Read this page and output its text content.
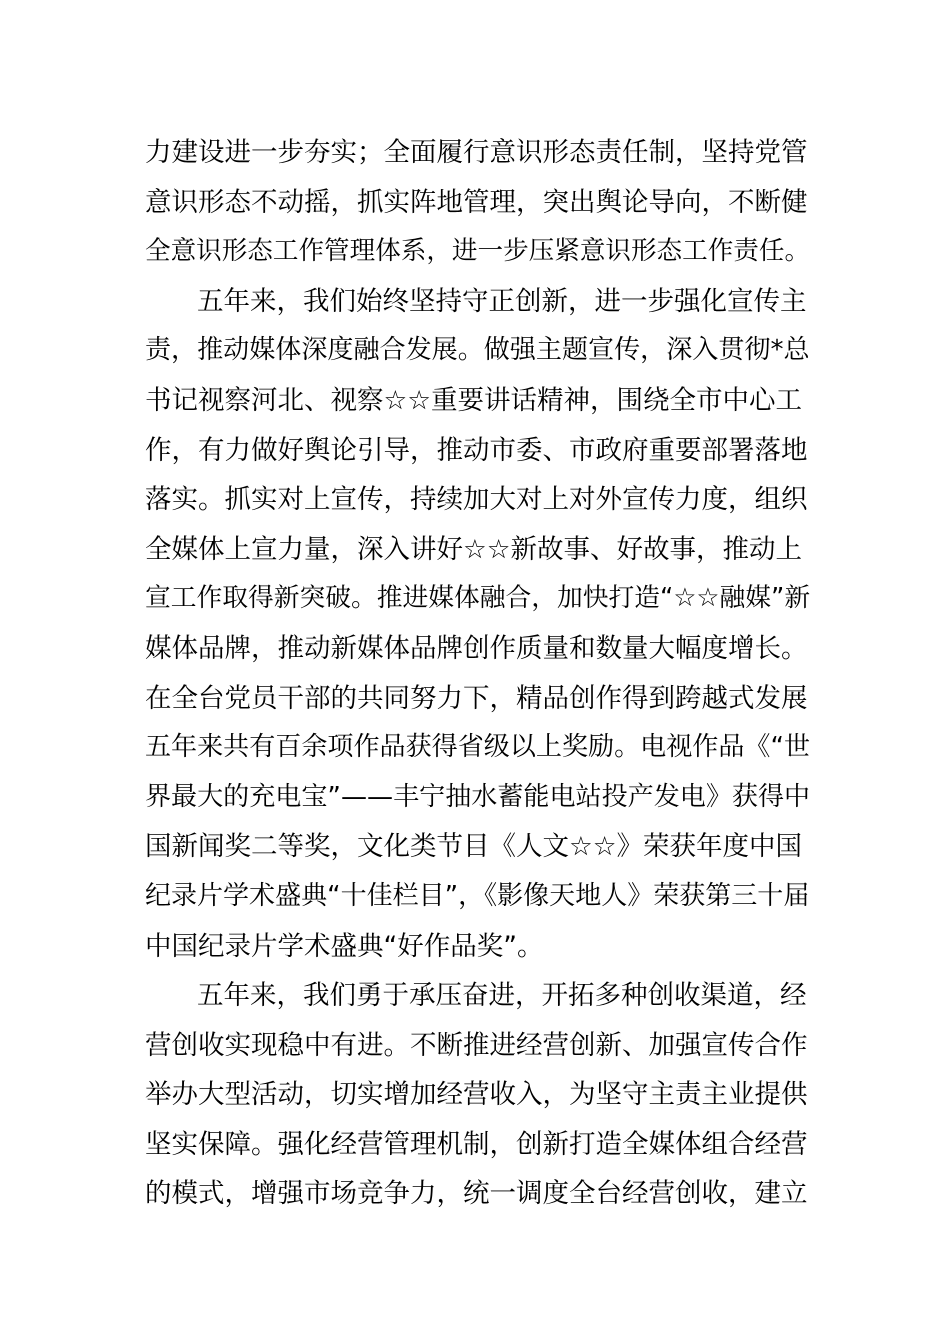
力建设进一步夯实；全面履行意识形态责任制，坚持党管
意识形态不动摇，抓实阵地管理，突出舆论导向，不断健
全意识形态工作管理体系，进一步压紧意识形态工作责任。
五年来，我们始终坚持守正创新，进一步强化宣传主
责，推动媒体深度融合发展。做强主题宣传，深入贯彻*总
书记视察河北、视察☆☆重要讲话精神，围绕全市中心工
作，有力做好舆论引导，推动市委、市政府重要部署落地
落实。抓实对上宣传，持续加大对上对外宣传力度，组织
全媒体上宣力量，深入讲好☆☆新故事、好故事，推动上
宣工作取得新突破。推进媒体融合，加快打造“☆☆融媒”新
媒体品牌，推动新媒体品牌创作质量和数量大幅度增长。
在全台党员干部的共同努力下，精品创作得到跨越式发展
五年来共有百余项作品获得省级以上奖励。电视作品《“世
界最大的充电宝”——丰宁抽水蓄能电站投产发电》获得中
国新闻奖二等奖，文化类节目《人文☆☆》荣获年度中国
纪录片学术盛典“十佳栏目”，《影像天地人》荣获第三十届
中国纪录片学术盛典“好作品奖”。
五年来，我们勇于承压奋进，开拓多种创收渠道，经
营创收实现稳中有进。不断推进经营创新、加强宣传合作
举办大型活动，切实增加经营收入，为坚守主责主业提供
坚实保障。强化经营管理机制，创新打造全媒体组合经营
的模式，增强市场竞争力，统一调度全台经营创收，建立
